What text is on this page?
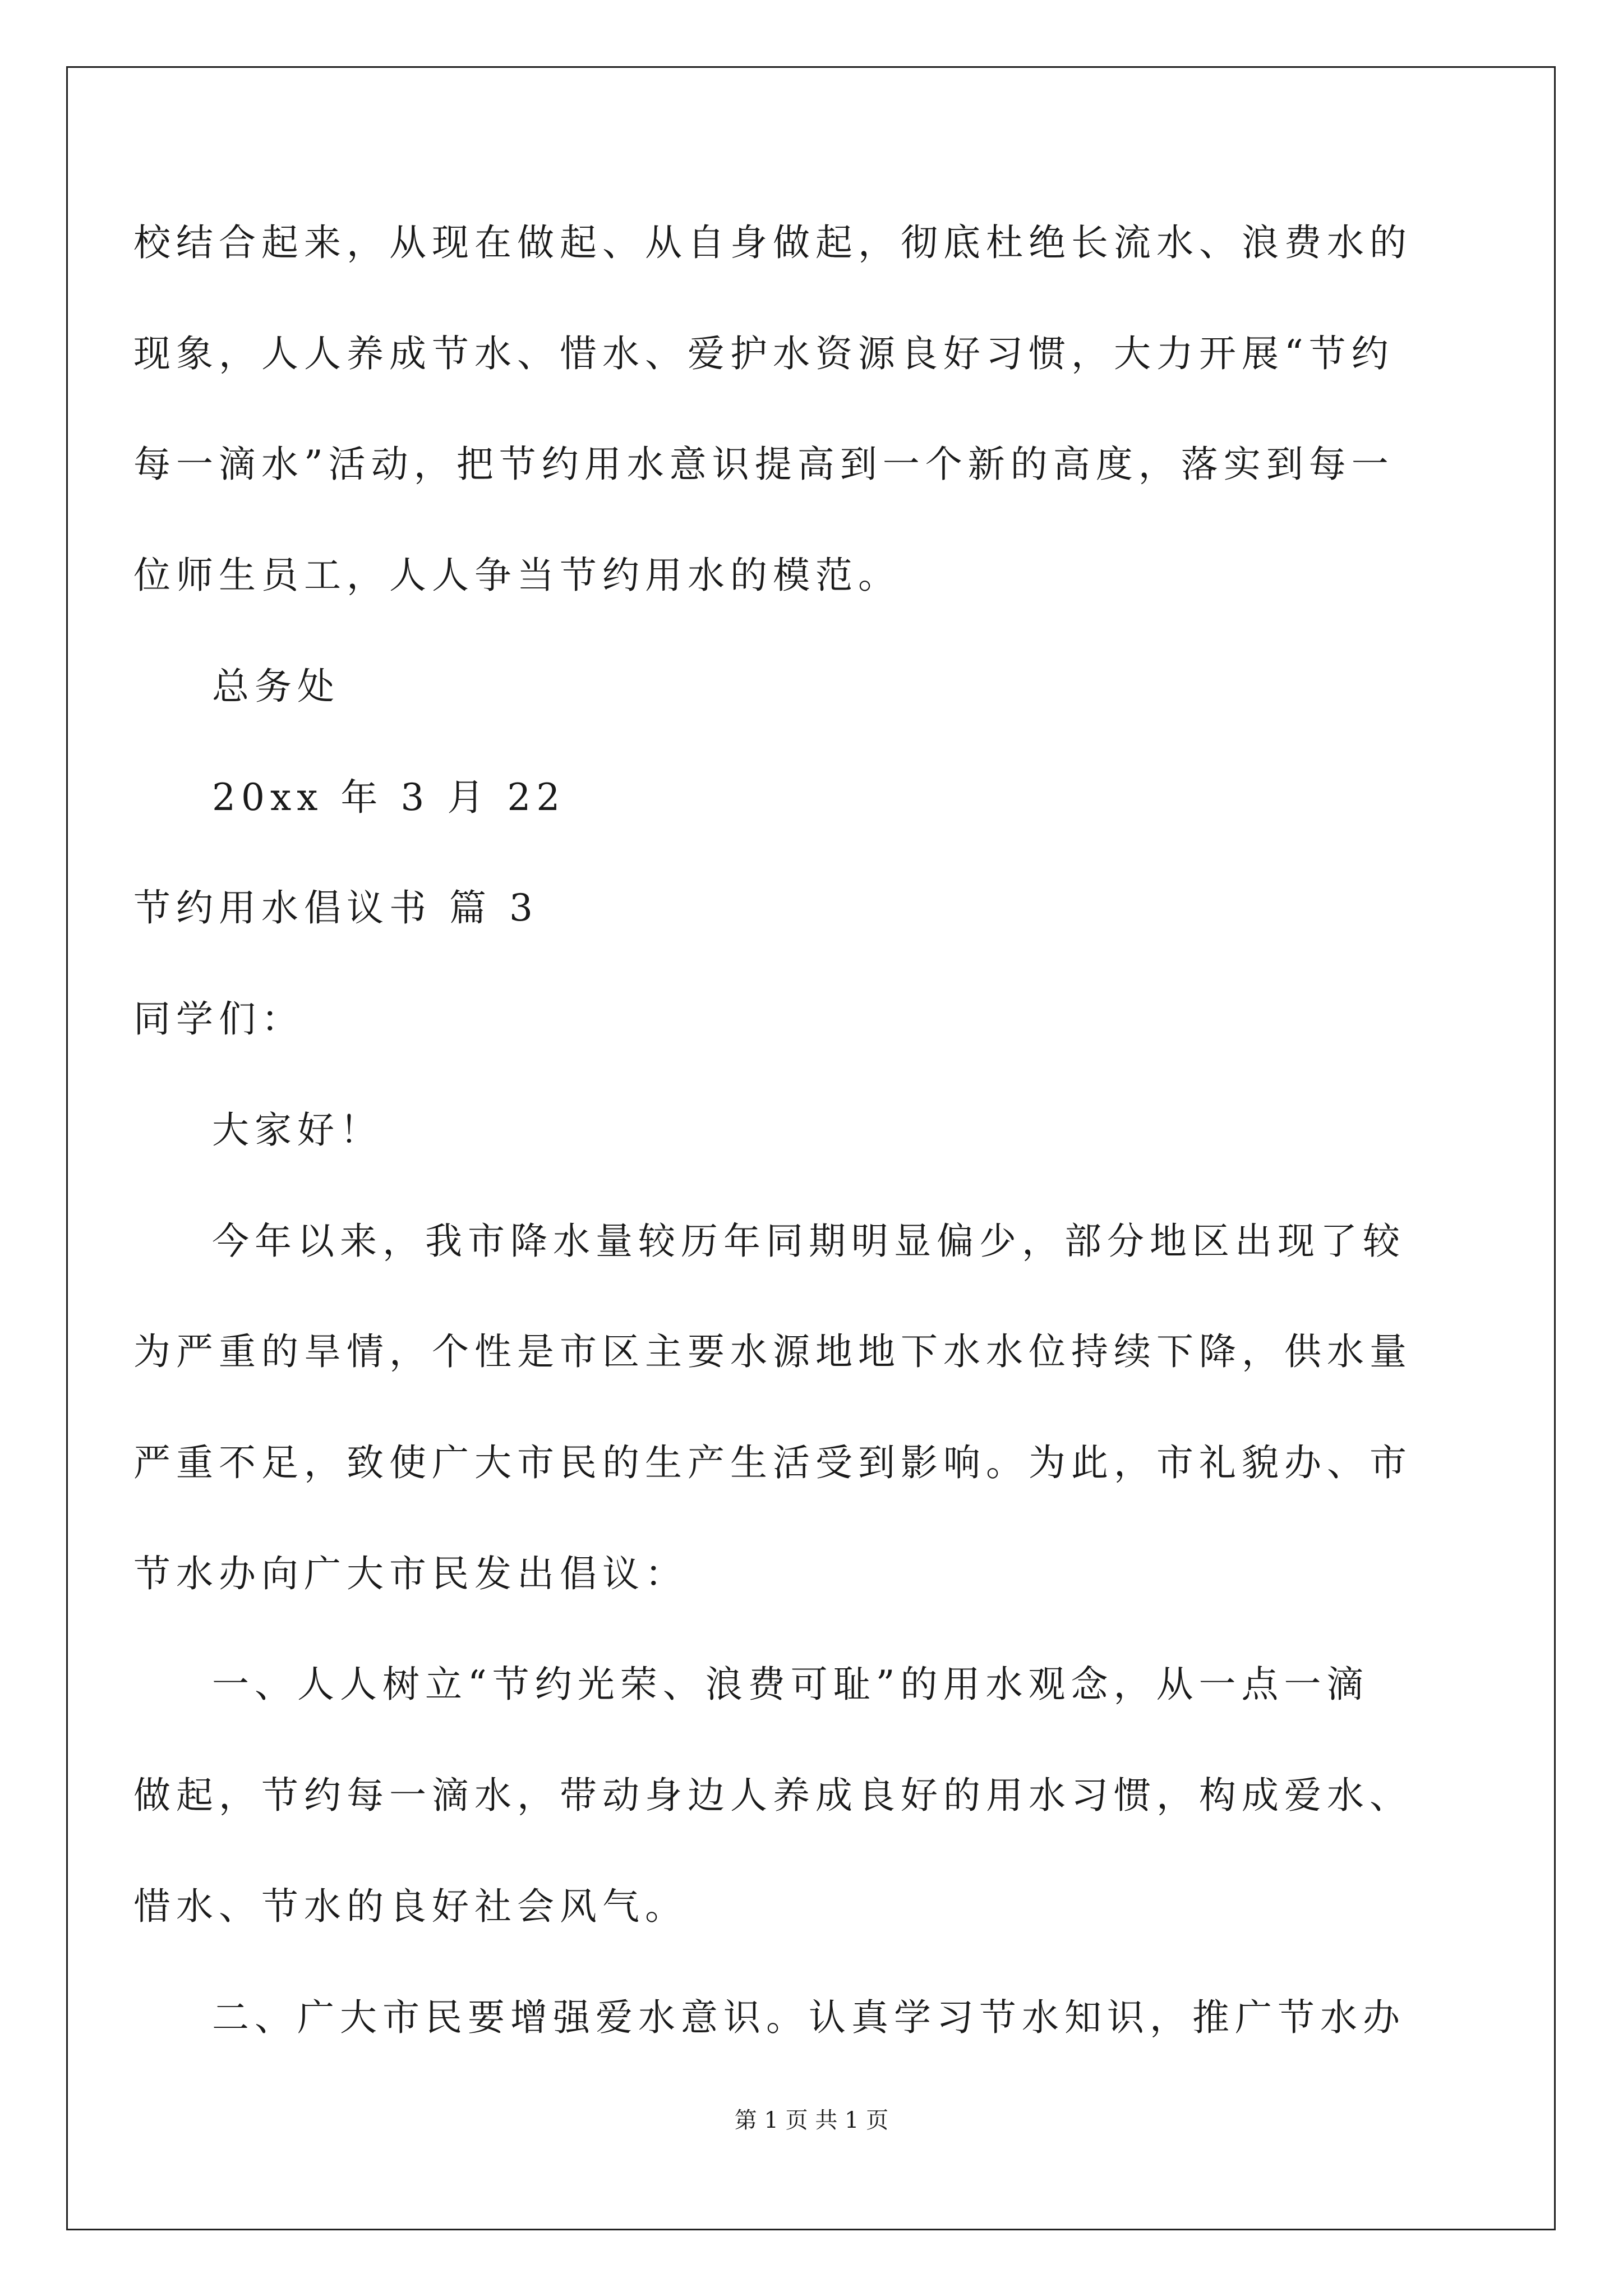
校结合起来，从现在做起、从自身做起，彻底杜绝长流水、浪费水的
现象，人人养成节水、惜水、爱护水资源良好习惯，大力开展“节约
每一滴水”活动，把节约用水意识提高到一个新的高度，落实到每一
位师生员工，人人争当节约用水的模范。
总务处
20xx 年 3 月 22
节约用水倡议书 篇 3
同学们：
大家好！
今年以来，我市降水量较历年同期明显偏少，部分地区出现了较
为严重的旱情，个性是市区主要水源地地下水水位持续下降，供水量
严重不足，致使广大市民的生产生活受到影响。为此，市礼貌办、市
节水办向广大市民发出倡议：
一、人人树立“节约光荣、浪费可耻”的用水观念，从一点一滴
做起，节约每一滴水，带动身边人养成良好的用水习惯，构成爱水、
惜水、节水的良好社会风气。
二、广大市民要增强爱水意识。认真学习节水知识，推广节水办
第 1 页 共 1 页
